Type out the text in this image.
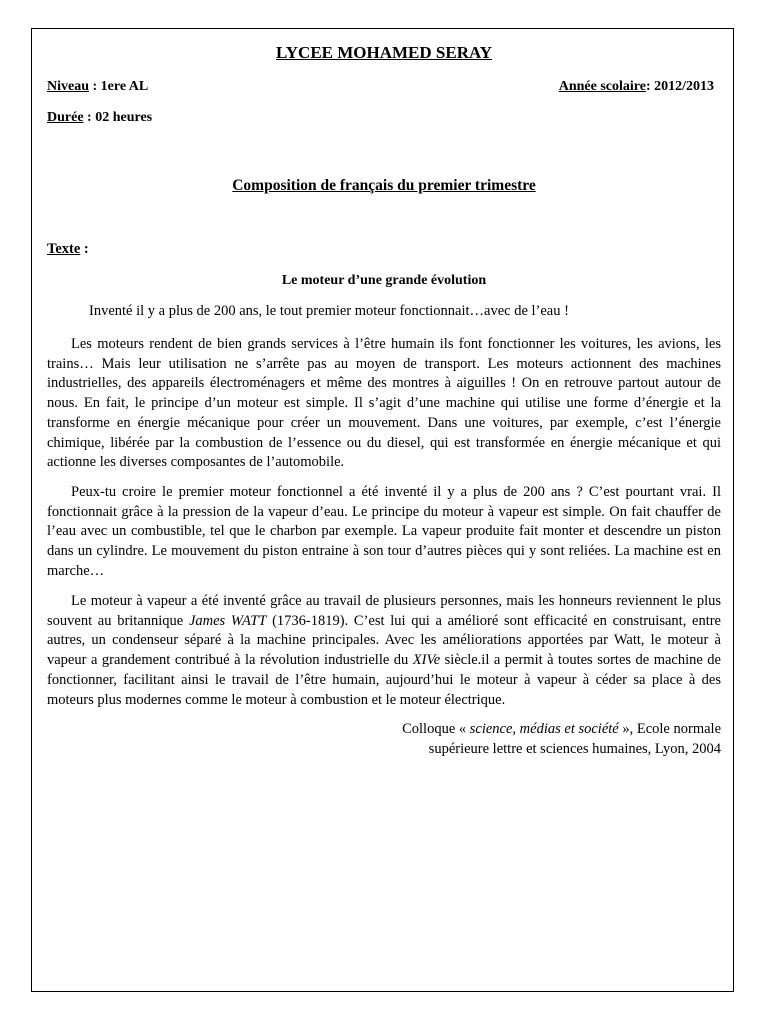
LYCEE MOHAMED SERAY
Niveau : 1ere AL	Année scolaire: 2012/2013
Durée : 02 heures
Composition de français du premier trimestre
Texte :
Le moteur d’une grande évolution
Inventé il y a plus de 200 ans, le tout premier moteur fonctionnait…avec de l’eau !
Les moteurs rendent de bien grands services à l’être humain ils font fonctionner les voitures, les avions, les trains… Mais leur utilisation ne s’arrête pas au moyen de transport. Les moteurs actionnent des machines industrielles, des appareils électroménagers et même des montres à aiguilles ! On en retrouve partout autour de nous. En fait, le principe d’un moteur est simple. Il s’agit d’une machine qui utilise une forme d’énergie et la transforme en énergie mécanique pour créer un mouvement. Dans une voitures, par exemple, c’est l’énergie chimique, libérée par la combustion de l’essence ou du diesel, qui est transformée en énergie mécanique et qui actionne les diverses composantes de l’automobile.
Peux-tu croire le premier moteur fonctionnel a été inventé il y a plus de 200 ans ? C’est pourtant vrai. Il fonctionnait grâce à la pression de la vapeur d’eau. Le principe du moteur à vapeur est simple. On fait chauffer de l’eau avec un combustible, tel que le charbon par exemple. La vapeur produite fait monter et descendre un piston dans un cylindre. Le mouvement du piston entraine à son tour d’autres pièces qui y sont reliées. La machine est en marche…
Le moteur à vapeur a été inventé grâce au travail de plusieurs personnes, mais les honneurs reviennent le plus souvent au britannique James WATT (1736-1819). C’est lui qui a amélioré sont efficacité en construisant, entre autres, un condenseur séparé à la machine principales. Avec les améliorations apportées par Watt, le moteur à vapeur a grandement contribué à la révolution industrielle du XIVe siècle.il a permit à toutes sortes de machine de fonctionner, facilitant ainsi le travail de l’être humain, aujourd’hui le moteur à vapeur à céder sa place à des moteurs plus modernes comme le moteur à combustion et le moteur électrique.
Colloque « science, médias et société », Ecole normale
supérieure lettre et sciences humaines, Lyon, 2004
